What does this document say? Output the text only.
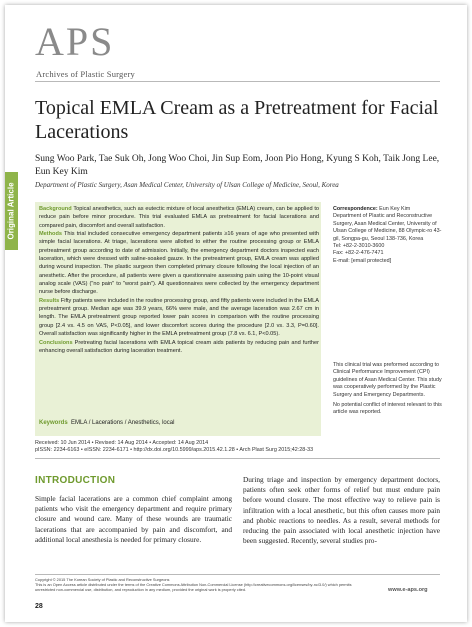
APS
Archives of Plastic Surgery
Original Article
Topical EMLA Cream as a Pretreatment for Facial Lacerations
Sung Woo Park, Tae Suk Oh, Jong Woo Choi, Jin Sup Eom, Joon Pio Hong, Kyung S Koh, Taik Jong Lee, Eun Key Kim
Department of Plastic Surgery, Asan Medical Center, University of Ulsan College of Medicine, Seoul, Korea

Background Topical anesthetics, such as eutectic mixture of local anesthetics (EMLA) cream, can be applied to reduce pain before minor procedure. This trial evaluated EMLA as pretreatment for facial lacerations and compared pain, discomfort and overall satisfaction.

Methods This trial included consecutive emergency department patients ≥16 years of age who presented with simple facial lacerations. At triage, lacerations were allotted to either the routine processing group or EMLA pretreatment group according to date of admission. Initially, the emergency department doctors inspected each laceration, which were dressed with saline-soaked gauze. In the pretreatment group, EMLA cream was applied during wound inspection. The plastic surgeon then completed primary closure following the local injection of an anesthetic. After the procedure, all patients were given a questionnaire assessing pain using the 10-point visual analog scale (VAS) ("no pain" to "worst pain"). All questionnaires were collected by the emergency department nurse before discharge.

Results Fifty patients were included in the routine processing group, and fifty patients were included in the EMLA pretreatment group. Median age was 39.9 years, 66% were male, and the average laceration was 2.67 cm in length. The EMLA pretreatment group reported lower pain scores in comparison with the routine processing group [2.4 vs. 4.5 on VAS, P<0.05], and lower discomfort scores during the procedure [2.0 vs. 3.3, P=0.60]. Overall satisfaction was significantly higher in the EMLA pretreatment group (7.8 vs. 6.1, P<0.05).

Conclusions Pretreating facial lacerations with EMLA topical cream aids patients by reducing pain and further enhancing overall satisfaction during laceration treatment.

Keywords EMLA / Lacerations / Anesthetics, local
Correspondence: Eun Key Kim
Department of Plastic and Reconstructive Surgery, Asan Medical Center, University of Ulsan College of Medicine, 88 Olympic-ro 43-gil, Songpa-gu, Seoul 138-736, Korea
Tel: +82-2-3010-3600
Fax: +82-2-476-7471
E-mail: [email protected]
This clinical trial was preformed according to Clinical Performance Improvement (CPI) guidelines of Asan Medical Center. This study was cooperatively performed by the Plastic Surgery and Emergency Departments.
No potential conflict of interest relevant to this article was reported.
Received: 10 Jun 2014 • Revised: 14 Aug 2014 • Accepted: 14 Aug 2014
pISSN: 2234-6163 • eISSN: 2234-6171 • http://dx.doi.org/10.5999/aps.2015.42.1.28 • Arch Plast Surg 2015;42:28-33
INTRODUCTION
Simple facial lacerations are a common chief complaint among patients who visit the emergency department and require primary closure and wound care. Many of these wounds are traumatic lacerations that are accompanied by pain and discomfort, and additional local anesthesia is needed for primary closure.
During triage and inspection by emergency department doctors, patients often seek other forms of relief but must endure pain before wound closure. The most effective way to relieve pain is infiltration with a local anesthetic, but this often causes more pain and phobic reactions to needles. As a result, several methods for reducing the pain associated with local anesthetic injection have been suggested. Recently, several studies pro-
Copyright © 2015 The Korean Society of Plastic and Reconstructive Surgeons
This is an Open Access article distributed under the terms of the Creative Commons Attribution Non-Commercial License (http://creativecommons.org/licenses/by-nc/3.0/) which permits unrestricted non-commercial use, distribution, and reproduction in any medium, provided the original work is properly cited.	www.e-aps.org
28
